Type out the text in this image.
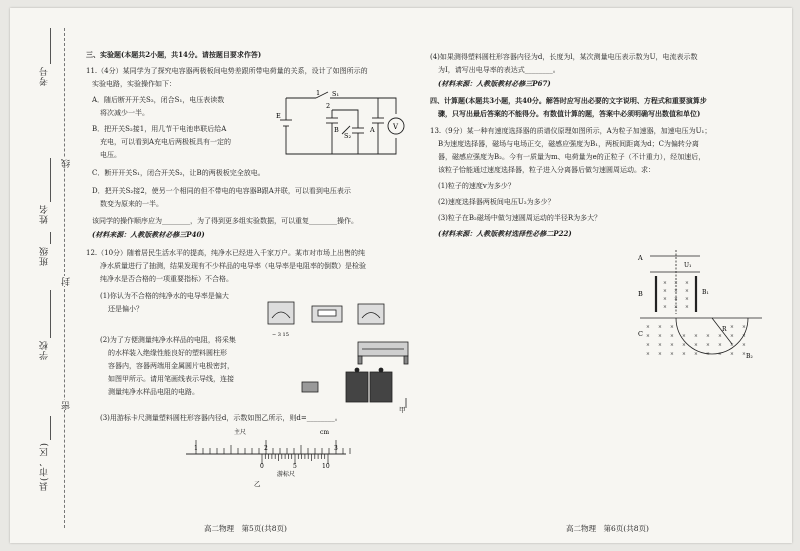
考号
姓名
班级
学校
县(市、区)
线
封
密
三、实验题(本题共2小题，共14分。请按题目要求作答)
11.（4分）某同学为了探究电容器两极板间电势差跟所带电荷量的关系，设计了如图所示的
实验电路，实验操作如下：
A．随后断开开关S₂，闭合S₁，电压表读数
将次减少一半。
B．把开关S₂接1，用几节干电池串联后给A
充电，可以看到A充电后两极板具有一定的
电压。
C．断开开关S₁，闭合开关S₂，让B的两极板完全放电。
D．把开关S₂接2，使另一个相同的但不带电的电容器B跟A并联，可以看到电压表示
数变为原来的一半。
该同学的操作顺序应为________，为了得到更多组实验数据，可以重复________操作。
(材料来源：人教版教材必修三P40)
1
2
S₁
S₂
E
B	A	V
12.（10分）随着居民生活水平的提高，纯净水已经进入千家万户。某市对市场上出售的纯
净水质量进行了抽测，结果发现有不少样品的电导率（电导率是电阻率的倒数）是检验
纯净水是否合格的一项重要指标）不合格。
(1)你认为不合格的纯净水的电导率是偏大
还是偏小？
(2)为了方便测量纯净水样品的电阻，将采集
的水样装入绝缘性能良好的塑料圆柱形
容器内，容器两端用金属圆片电极密封，
如图甲所示。请用笔画线表示导线，连接
测量纯净水样品电阻的电路。
(3)用游标卡尺测量塑料圆柱形容器内径d，示数如图乙所示，则d=________。
− 3 15
甲
主尺	cm
1	2	3
0	5	10
游标尺
乙
高二物理　第5页(共8页)
(4)如果测得塑料圆柱形容器内径为d，长度为l，某次测量电压表示数为U，电流表示数
为I，请写出电导率的表达式________。
(材料来源：人教版教材必修三P67)
四、计算题(本题共3小题，共40分。解答时应写出必要的文字说明、方程式和重要演算步
骤，只写出最后答案的不能得分。有数值计算的题，答案中必须明确写出数值和单位)
13.（9分）某一种有速度选择器的质谱仪原理如图所示，A为粒子加速器，加速电压为U₁；
B为速度选择器，磁场与电场正交，磁感应强度为B₁，两板间距离为d；C为偏转分离
器，磁感应强度为B₂。今有一质量为m、电荷量为e的正粒子（不计重力），经加速后，
该粒子恰能通过速度选择器，粒子进入分离器后做匀速圆周运动。求：
(1)粒子的速度v为多少？
(2)速度选择器两板间电压U₂为多少？
(3)粒子在B₂磁场中做匀速圆周运动的半径R为多大？
(材料来源：人教版教材选择性必修二P22)
× × ×
× × ×
× × ×
× × ×
× × ×	× ×
× × × × × × × × ×
× × × × × × × × ×
× × × × × × × × ×
A
B
C
U₁
B₁
B₂
R
高二物理　第6页(共8页)
